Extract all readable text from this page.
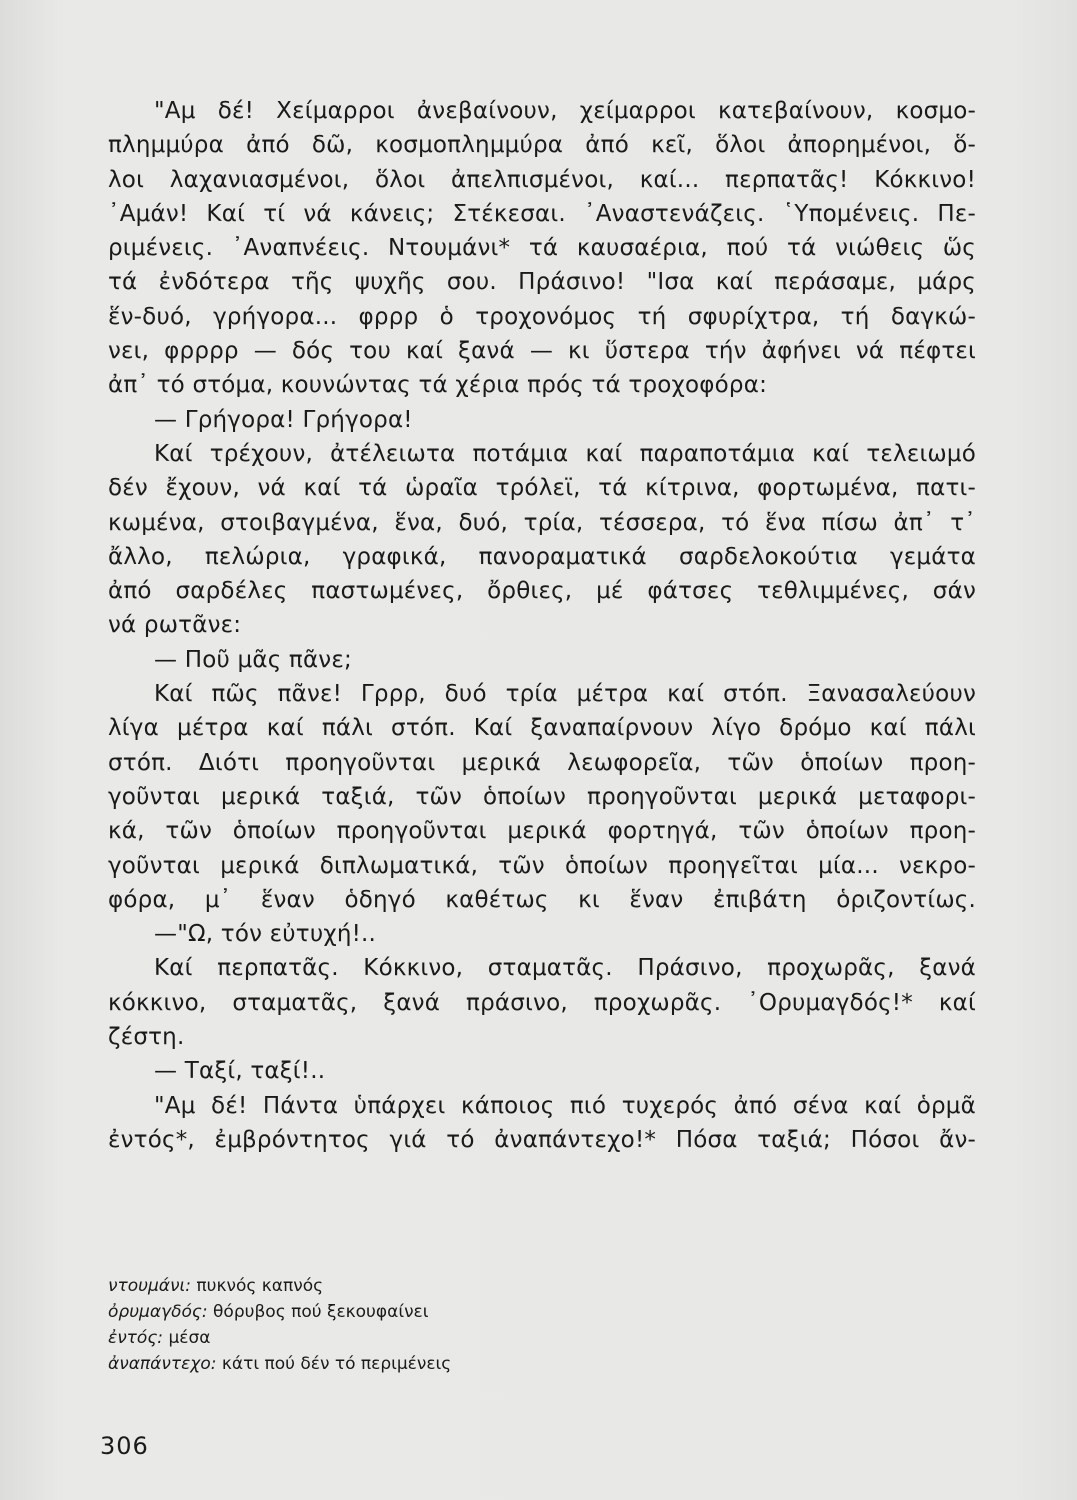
"Αμ δέ! Χείμαρροι ἀνεβαίνουν, χείμαρροι κατεβαίνουν, κοσμο-
πλημμύρα ἀπό δῶ, κοσμοπλημμύρα ἀπό κεῖ, ὅλοι ἀπορημένοι, ὅ-
λοι λαχανιασμένοι, ὅλοι ἀπελπισμένοι, καί... περπατᾶς! Κόκκινο!
᾿Αμάν! Καί τί νά κάνεις; Στέκεσαι. ᾿Αναστενάζεις. ῾Υπομένεις. Πε-
ριμένεις. ᾿Αναπνέεις. Ντουμάνι* τά καυσαέρια, πού τά νιώθεις ὥς
τά ἐνδότερα τῆς ψυχῆς σου. Πράσινο! "Ισα καί περάσαμε, μάρς
ἕν-δυό, γρήγορα... φρρρ ὁ τροχονόμος τή σφυρίχτρα, τή δαγκώ-
νει, φρρρρ — δός του καί ξανά — κι ὕστερα τήν ἀφήνει νά πέφτει
ἀπ᾿ τό στόμα, κουνώντας τά χέρια πρός τά τροχοφόρα:
— Γρήγορα! Γρήγορα!
Καί τρέχουν, ἀτέλειωτα ποτάμια καί παραποτάμια καί τελειωμό
δέν ἔχουν, νά καί τά ὡραῖα τρόλεϊ, τά κίτρινα, φορτωμένα, πατι-
κωμένα, στοιβαγμένα, ἕνα, δυό, τρία, τέσσερα, τό ἕνα πίσω ἀπ᾿ τ᾿
ἄλλο, πελώρια, γραφικά, πανοραματικά σαρδελοκούτια γεμάτα
ἀπό σαρδέλες παστωμένες, ὄρθιες, μέ φάτσες τεθλιμμένες, σάν
νά ρωτᾶνε:
— Ποῦ μᾶς πᾶνε;
Καί πῶς πᾶνε! Γρρρ, δυό τρία μέτρα καί στόπ. Ξανασαλεύουν
λίγα μέτρα καί πάλι στόπ. Καί ξαναπαίρνουν λίγο δρόμο καί πάλι
στόπ. Διότι προηγοῦνται μερικά λεωφορεῖα, τῶν ὁποίων προη-
γοῦνται μερικά ταξιά, τῶν ὁποίων προηγοῦνται μερικά μεταφορι-
κά, τῶν ὁποίων προηγοῦνται μερικά φορτηγά, τῶν ὁποίων προη-
γοῦνται μερικά διπλωματικά, τῶν ὁποίων προηγεῖται μία... νεκρο-
φόρα, μ᾿ ἕναν ὁδηγό καθέτως κι ἕναν ἐπιβάτη ὁριζοντίως.
—"Ω, τόν εὐτυχή!..
Καί περπατᾶς. Κόκκινο, σταματᾶς. Πράσινο, προχωρᾶς, ξανά
κόκκινο, σταματᾶς, ξανά πράσινο, προχωρᾶς. ᾿Ορυμαγδός!* καί
ζέστη.
— Ταξί, ταξί!..
"Αμ δέ! Πάντα ὑπάρχει κάποιος πιό τυχερός ἀπό σένα καί ὁρμᾶ
ἐντός*, ἐμβρόντητος γιά τό ἀναπάντεχο!* Πόσα ταξιά; Πόσοι ἄν-
ντουμάνι: πυκνός καπνός
ὀρυμαγδός: θόρυβος πού ξεκουφαίνει
ἐντός: μέσα
ἀναπάντεχο: κάτι πού δέν τό περιμένεις
306
